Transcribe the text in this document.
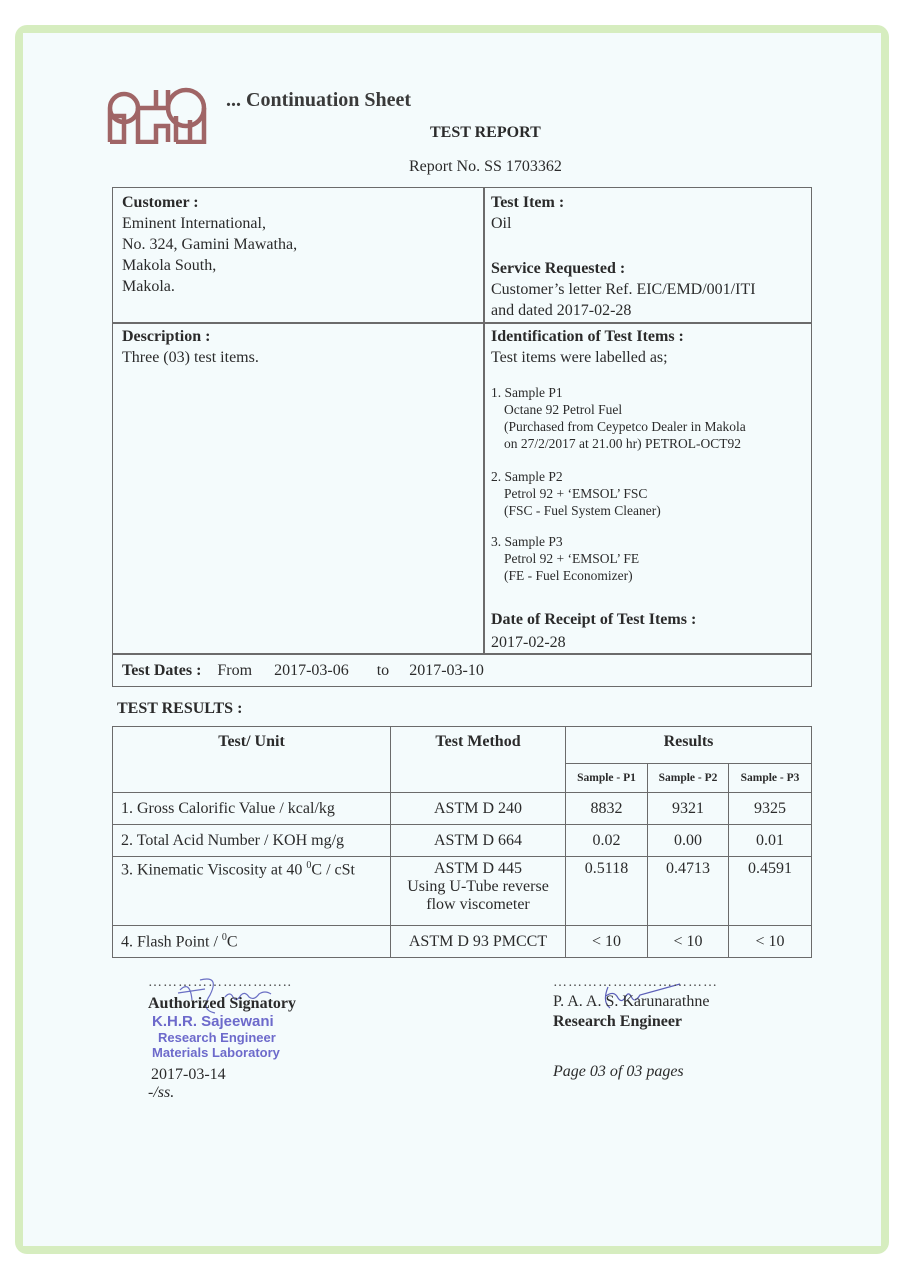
... Continuation Sheet
TEST REPORT
Report No. SS 1703362
Customer :
Eminent International,
No. 324, Gamini Mawatha,
Makola South,
Makola.
Test Item :
Oil
Service Requested :
Customer’s letter Ref. EIC/EMD/001/ITI
and dated 2017-02-28
Description :
Three (03) test items.
Identification of Test Items :
Test items were labelled as;
1. Sample P1
Octane 92 Petrol Fuel
(Purchased from Ceypetco Dealer in Makola
on 27/2/2017 at 21.00 hr) PETROL-OCT92
2. Sample P2
Petrol 92 + ‘EMSOL’ FSC
(FSC - Fuel System Cleaner)
3. Sample P3
Petrol 92 + ‘EMSOL’ FE
(FE - Fuel Economizer)
Date of Receipt of Test Items :
2017-02-28
Test Dates : From 2017-03-06 to 2017-03-10
TEST RESULTS :
Test/ Unit	Test Method	Results		
		Sample - P1	Sample - P2	Sample - P3
1. Gross Calorific Value / kcal/kg	ASTM D 240	8832	9321	9325
2. Total Acid Number / KOH mg/g	ASTM D 664	0.02	0.00	0.01
3. Kinematic Viscosity at 40 $^0$C / cSt	ASTM D 445
Using U-Tube reverse
flow viscometer	0.5118	0.4713	0.4591
4. Flash Point / $^0$C	ASTM D 93 PMCCT	< 10	< 10	< 10
………………………..
Authorized Signatory
K.H.R. Sajeewani
Research Engineer
Materials Laboratory
2017-03-14
-/ss.
……………………………
P. A. A. S. Karunarathne
Research Engineer
Page 03 of 03 pages
